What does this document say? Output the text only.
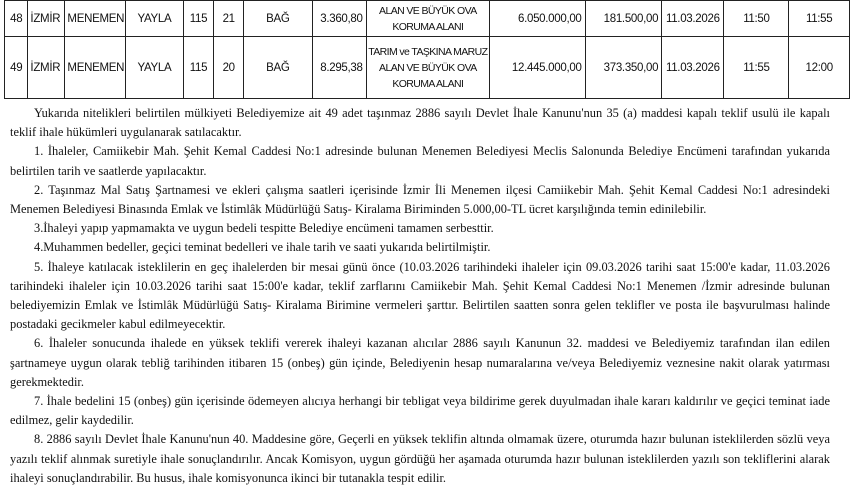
48	İZMİR	MENEMEN	YAYLA	115	21	BAĞ	3.360,80	ALAN VE BÜYÜK OVA KORUMA ALANI	6.050.000,00	181.500,00	11.03.2026	11:50	11:55
49	İZMİR	MENEMEN	YAYLA	115	20	BAĞ	8.295,38	TARIM ve TAŞKINA MARUZ ALAN VE BÜYÜK OVA KORUMA ALANI	12.445.000,00	373.350,00	11.03.2026	11:55	12:00

Yukarıda nitelikleri belirtilen mülkiyeti Belediyemize ait 49 adet taşınmaz 2886 sayılı Devlet İhale Kanunu'nun 35 (a) maddesi kapalı teklif usulü ile kapalı teklif ihale hükümleri uygulanarak satılacaktır.

1. İhaleler, Camiikebir Mah. Şehit Kemal Caddesi No:1 adresinde bulunan Menemen Belediyesi Meclis Salonunda Belediye Encümeni tarafından yukarıda belirtilen tarih ve saatlerde yapılacaktır.

2. Taşınmaz Mal Satış Şartnamesi ve ekleri çalışma saatleri içerisinde İzmir İli Menemen ilçesi Camiikebir Mah. Şehit Kemal Caddesi No:1 adresindeki Menemen Belediyesi Binasında Emlak ve İstimlâk Müdürlüğü Satış- Kiralama Biriminden 5.000,00-TL ücret karşılığında temin edinilebilir.

3.İhaleyi yapıp yapmamakta ve uygun bedeli tespitte Belediye encümeni tamamen serbesttir.

4.Muhammen bedeller, geçici teminat bedelleri ve ihale tarih ve saati yukarıda belirtilmiştir.

5. İhaleye katılacak isteklilerin en geç ihalelerden bir mesai günü önce (10.03.2026 tarihindeki ihaleler için 09.03.2026 tarihi saat 15:00'e kadar, 11.03.2026 tarihindeki ihaleler için 10.03.2026 tarihi saat 15:00'e kadar, teklif zarflarını Camiikebir Mah. Şehit Kemal Caddesi No:1 Menemen /İzmir adresinde bulunan belediyemizin Emlak ve İstimlâk Müdürlüğü Satış- Kiralama Birimine vermeleri şarttır. Belirtilen saatten sonra gelen teklifler ve posta ile başvurulması halinde postadaki gecikmeler kabul edilmeyecektir.

6. İhaleler sonucunda ihalede en yüksek teklifi vererek ihaleyi kazanan alıcılar 2886 sayılı Kanunun 32. maddesi ve Belediyemiz tarafından ilan edilen şartnameye uygun olarak tebliğ tarihinden itibaren 15 (onbeş) gün içinde, Belediyenin hesap numaralarına ve/veya Belediyemiz veznesine nakit olarak yatırması gerekmektedir.

7. İhale bedelini 15 (onbeş) gün içerisinde ödemeyen alıcıya herhangi bir tebligat veya bildirime gerek duyulmadan ihale kararı kaldırılır ve geçici teminat iade edilmez, gelir kaydedilir.

8. 2886 sayılı Devlet İhale Kanunu'nun 40. Maddesine göre, Geçerli en yüksek teklifin altında olmamak üzere, oturumda hazır bulunan isteklilerden sözlü veya yazılı teklif alınmak suretiyle ihale sonuçlandırılır. Ancak Komisyon, uygun gördüğü her aşamada oturumda hazır bulunan isteklilerden yazılı son tekliflerini alarak ihaleyi sonuçlandırabilir. Bu husus, ihale komisyonunca ikinci bir tutanakla tespit edilir.
